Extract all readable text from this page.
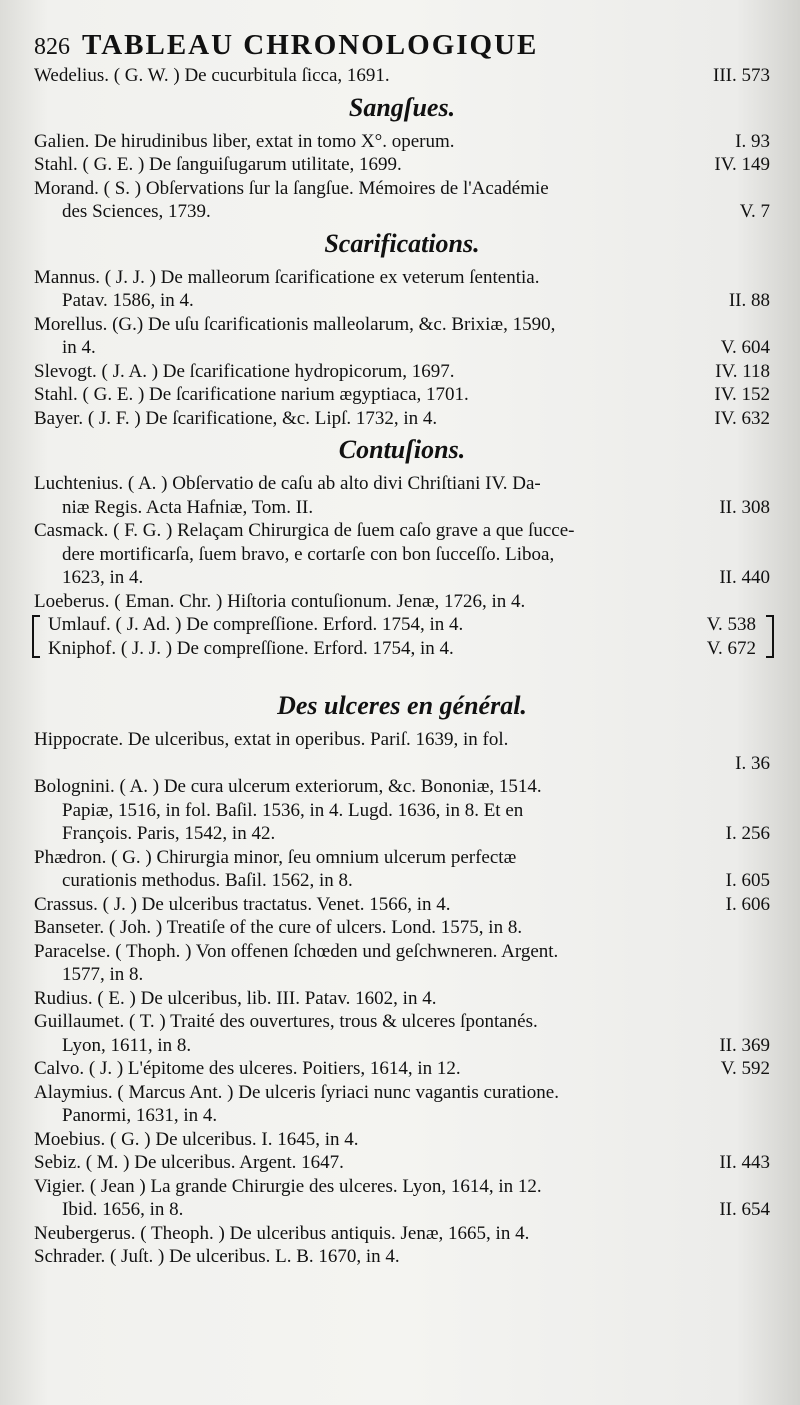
826 TABLEAU CHRONOLOGIQUE
Wedelius. ( G. W. ) De cucurbitula ſicca, 1691.	III. 573
Sangſues.
Galien. De hirudinibus liber, extat in tomo X°. operum.	I. 93
Stahl. ( G. E. ) De ſanguiſugarum utilitate, 1699.	IV. 149
Morand. ( S. ) Obſervations ſur la ſangſue. Mémoires de l'Académie
des Sciences, 1739.	V. 7
Scarifications.
Mannus. ( J. J. ) De malleorum ſcarificatione ex veterum ſententia.
Patav. 1586, in 4.	II. 88
Morellus. (G.) De uſu ſcarificationis malleolarum, &c. Brixiæ, 1590,
in 4.	V. 604
Slevogt. ( J. A. ) De ſcarificatione hydropicorum, 1697.	IV. 118
Stahl. ( G. E. ) De ſcarificatione narium ægyptiaca, 1701.	IV. 152
Bayer. ( J. F. ) De ſcarificatione, &c. Lipſ. 1732, in 4.	IV. 632
Contuſions.
Luchtenius. ( A. ) Obſervatio de caſu ab alto divi Chriſtiani IV. Da-
niæ Regis. Acta Hafniæ, Tom. II.	II. 308
Casmack. ( F. G. ) Relaçam Chirurgica de ſuem caſo grave a que ſucce-
dere mortificarſa, ſuem bravo, e cortarſe con bon ſucceſſo. Liboa,
1623, in 4.	II. 440
Loeberus. ( Eman. Chr. ) Hiſtoria contuſionum. Jenæ, 1726, in 4.
Umlauf. ( J. Ad. ) De compreſſione. Erford. 1754, in 4.	V. 538
Kniphof. ( J. J. ) De compreſſione. Erford. 1754, in 4.	V. 672
Des ulceres en général.
Hippocrate. De ulceribus, extat in operibus. Pariſ. 1639, in fol.
I. 36
Bolognini. ( A. ) De cura ulcerum exteriorum, &c. Bononiæ, 1514.
Papiæ, 1516, in fol. Baſil. 1536, in 4. Lugd. 1636, in 8. Et en
François. Paris, 1542, in 42.	I. 256
Phædron. ( G. ) Chirurgia minor, ſeu omnium ulcerum perfectæ
curationis methodus. Baſil. 1562, in 8.	I. 605
Crassus. ( J. ) De ulceribus tractatus. Venet. 1566, in 4.	I. 606
Banseter. ( Joh. ) Treatiſe of the cure of ulcers. Lond. 1575, in 8.
Paracelse. ( Thoph. ) Von offenen ſchœden und geſchwneren. Argent.
1577, in 8.
Rudius. ( E. ) De ulceribus, lib. III. Patav. 1602, in 4.
Guillaumet. ( T. ) Traité des ouvertures, trous & ulceres ſpontanés.
Lyon, 1611, in 8.	II. 369
Calvo. ( J. ) L'épitome des ulceres. Poitiers, 1614, in 12.	V. 592
Alaymius. ( Marcus Ant. ) De ulceris ſyriaci nunc vagantis curatione.
Panormi, 1631, in 4.
Moebius. ( G. ) De ulceribus. I. 1645, in 4.
Sebiz. ( M. ) De ulceribus. Argent. 1647.	II. 443
Vigier. ( Jean ) La grande Chirurgie des ulceres. Lyon, 1614, in 12.
Ibid. 1656, in 8.	II. 654
Neubergerus. ( Theoph. ) De ulceribus antiquis. Jenæ, 1665, in 4.
Schrader. ( Juſt. ) De ulceribus. L. B. 1670, in 4.
